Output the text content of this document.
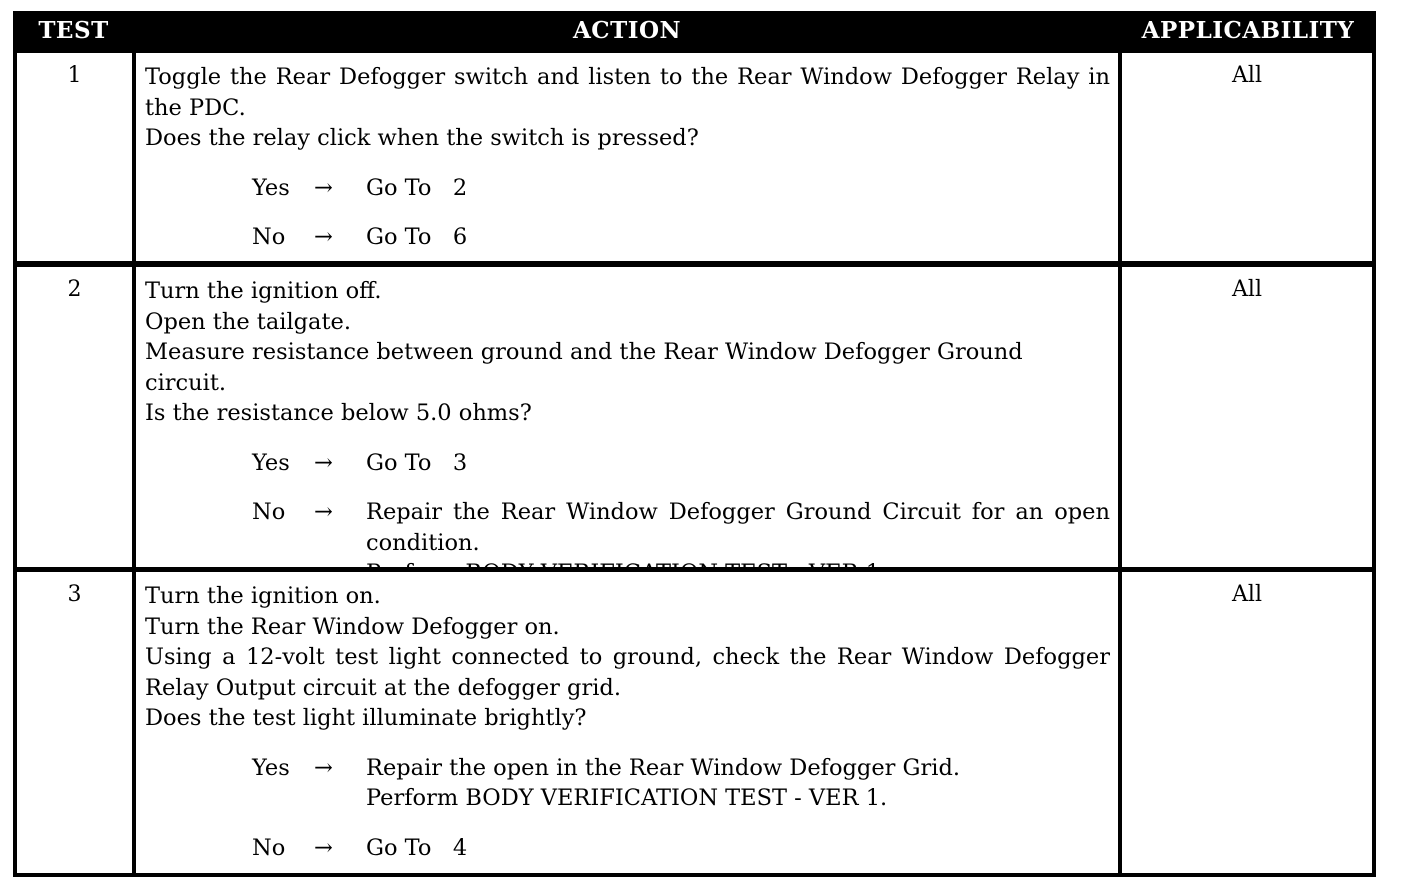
TEST	ACTION	APPLICABILITY
1	Toggle the Rear Defogger switch and listen to the Rear Window Defogger Relay in the PDC.

Does the relay click when the switch is pressed?

Yes	→	Go To   2
No	→	Go To   6
All
2	Turn the ignition off.

Open the tailgate.

Measure resistance between ground and the Rear Window Defogger Ground circuit.

Is the resistance below 5.0 ohms?

Yes	→	Go To   3
No	→	Repair the Rear Window Defogger Ground Circuit for an open condition.
All
3	Turn the ignition on.

Turn the Rear Window Defogger on.

Using a 12-volt test light connected to ground, check the Rear Window Defogger Relay Output circuit at the defogger grid.

Does the test light illuminate brightly?

Yes	→	Repair the open in the Rear Window Defogger Grid.
Perform BODY VERIFICATION TEST - VER 1.
No	→	Go To   4
All
